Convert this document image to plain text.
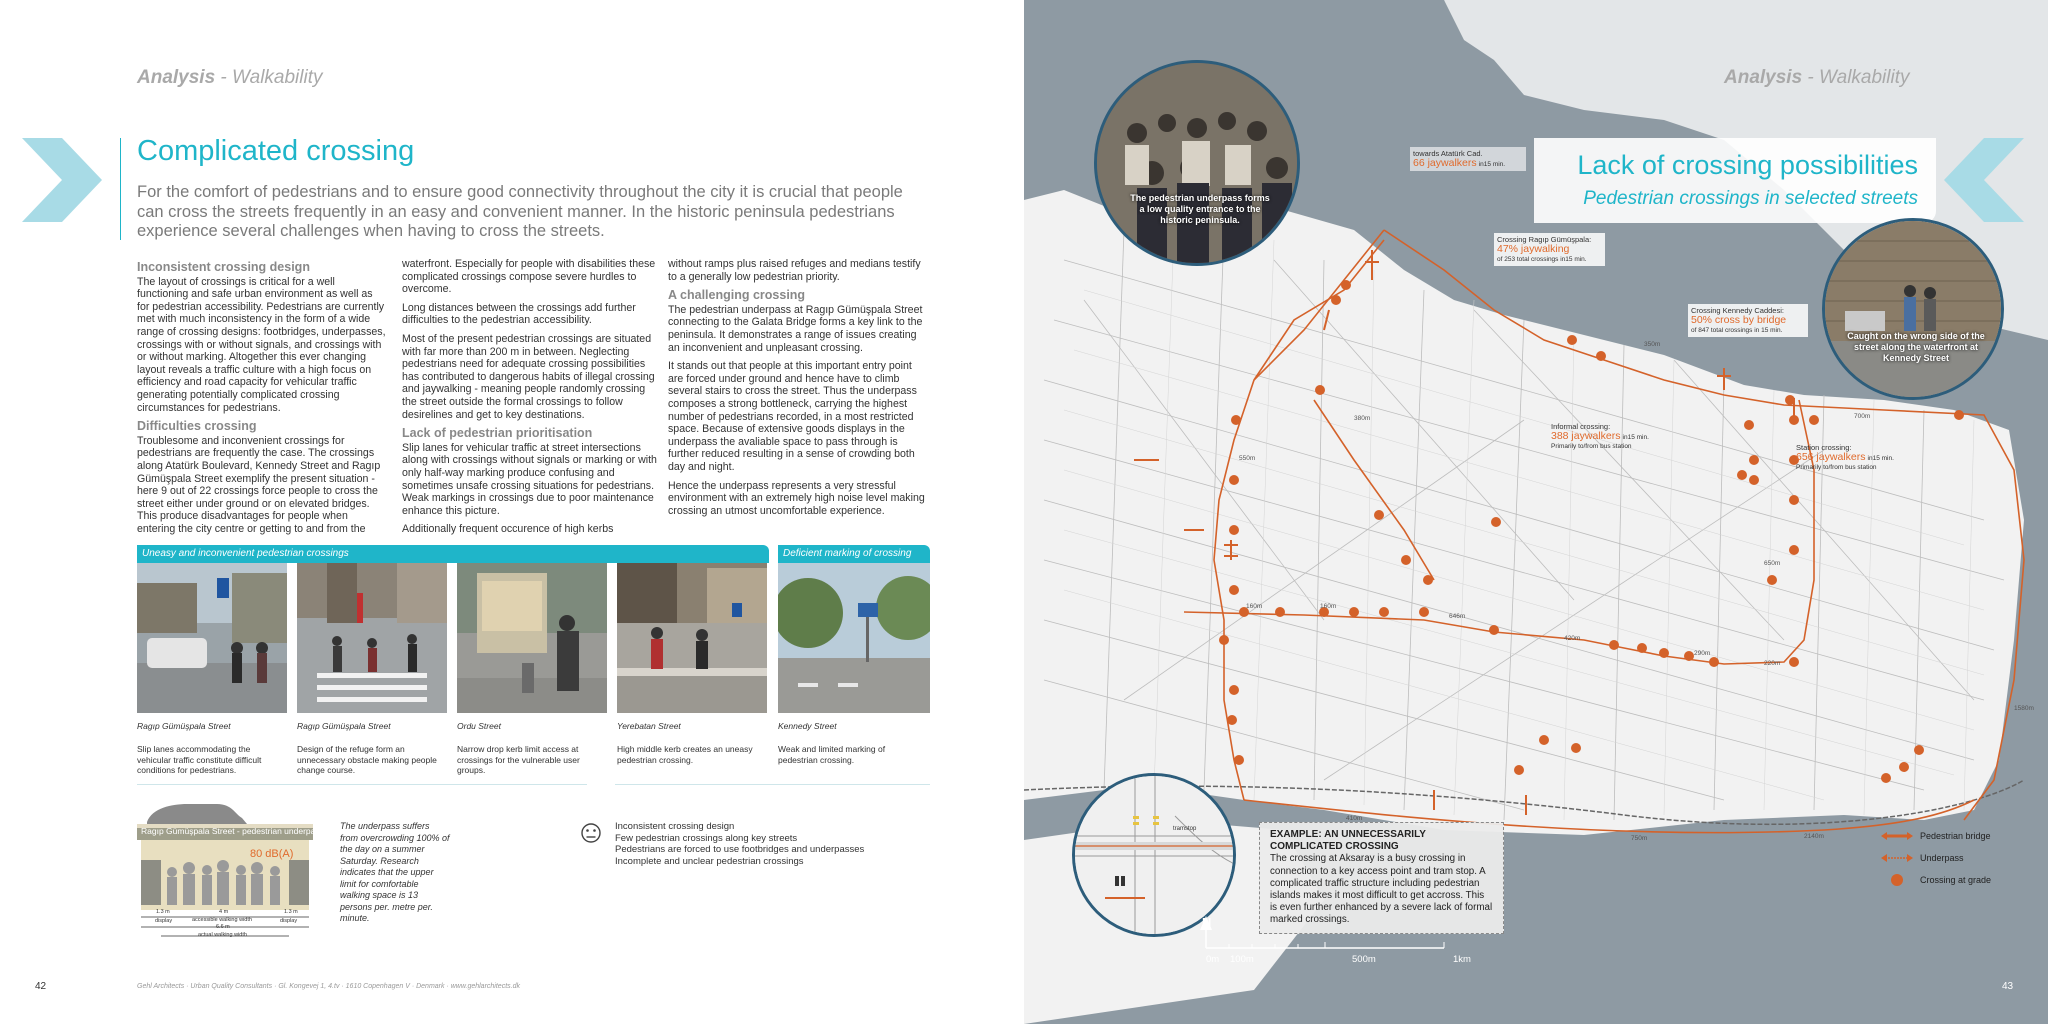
Analysis - Walkability
Complicated crossing
For the comfort of pedestrians and to ensure good connectivity throughout the city it is crucial that people can cross the streets frequently in an easy and convenient manner. In the historic peninsula pedestrians experience several challenges when having to cross the streets.
Inconsistent crossing design

The layout of crossings is critical for a well functioning and safe urban environment as well as for pedestrian accessibility. Pedestrians are currently met with much inconsistency in the form of a wide range of crossing designs: footbridges, underpasses, crossings with or without signals, and crossings with or without marking. Altogether this ever changing layout reveals a traffic culture with a high focus on efficiency and road capacity for vehicular traffic generating potentially complicated crossing circumstances for pedestrians.

Difficulties crossing

Troublesome and inconvenient crossings for pedestrians are frequently the case. The crossings along Atatürk Boulevard, Kennedy Street and Ragıp Gümüşpala Street exemplify the present situation - here 9 out of 22 crossings force people to cross the street either under ground or on elevated bridges. This produce disadvantages for people when entering the city centre or getting to and from the

waterfront. Especially for people with disabilities these complicated crossings compose severe hurdles to overcome.

Long distances between the crossings add further difficulties to the pedestrian accessibility.

Most of the present pedestrian crossings are situated with far more than 200 m in between. Neglecting pedestrians need for adequate crossing possibilities has contributed to dangerous habits of illegal crossing and jaywalking - meaning people randomly crossing the street outside the formal crossings to follow desirelines and get to key destinations.

Lack of pedestrian prioritisation

Slip lanes for vehicular traffic at street intersections along with crossings without signals or marking or with only half-way marking produce confusing and sometimes unsafe crossing situations for pedestrians. Weak markings in crossings due to poor maintenance enhance this picture.

Additionally frequent occurence of high kerbs

without ramps plus raised refuges and medians testify to a generally low pedestrian priority.

A challenging crossing

The pedestrian underpass at Ragıp Gümüşpala Street connecting to the Galata Bridge forms a key link to the peninsula. It demonstrates a range of issues creating an inconvenient and unpleasant crossing.

It stands out that people at this important entry point are forced under ground and hence have to climb several stairs to cross the street. Thus the underpass composes a strong bottleneck, carrying the highest number of pedestrians recorded, in a most restricted space. Because of extensive goods displays in the underpass the avaliable space to pass through is further reduced resulting in a sense of crowding both day and night.

Hence the underpass represents a very stressful environment with an extremely high noise level making crossing an utmost uncomfortable experience.

Uneasy and inconvenient pedestrian crossings	Deficient marking of crossing
Ragıp Gümüşpala Street	Ragıp Gümüşpala Street	Ordu Street	Yerebatan Street	Kennedy Street
Slip lanes accommodating the vehicular traffic constitute difficult conditions for pedestrians.
Design of the refuge form an unnecessary obstacle making people change course.
Narrow drop kerb limit access at crossings for the vulnerable user groups.
High middle kerb creates an uneasy pedestrian crossing.
Weak and limited marking of pedestrian crossing.
Ragıp Gümüşpala Street - pedestrian underpass
80 dB(A)
1.3 m	4 m	1.3 m
display	accessible walking width	display
6.6 m
actual walking width
The underpass suffers from overcrowding 100% of the day on a summer Saturday. Research indicates that the upper limit for comfortable walking space is 13 persons per. metre per. minute.
Inconsistent crossing design
Few pedestrian crossings along key streets
Pedestrians are forced to use footbridges and underpasses
Incomplete and unclear pedestrian crossings
42	Gehl Architects · Urban Quality Consultants · Gl. Kongevej 1, 4.tv · 1610 Copenhagen V · Denmark · www.gehlarchitects.dk
160m	160m
646m
420m
290m
220m
700m
350m
650m
410m
750m
1580m
380m
550m
2140m
Analysis - Walkability
Lack of crossing possibilities
Pedestrian crossings in selected streets
The pedestrian underpass forms a low quality entrance to the historic peninsula.
Caught on the wrong side of the street along the waterfront at Kennedy Street
towards Atatürk Cad.
66 jaywalkers in15 min.
Crossing Ragıp Gümüşpala:
47% jaywalking
of 253 total crossings in15 min.
Crossing Kennedy Caddesi:
50% cross by bridge
of 847 total crossings in 15 min.
Informal crossing:
388 jaywalkers in15 min.
Primarily to/from bus station	Station crossing:
656 jaywalkers in15 min.
Primarily to/from bus station
tramstop	EXAMPLE: AN UNNECESSARILY
COMPLICATED CROSSING
The crossing at Aksaray is a busy crossing in connection to a key access point and tram stop. A complicated traffic structure including pedestrian islands makes it most difficult to get accross. This is even further enhanced by a severe lack of formal marked crossings.
Pedestrian bridge
Underpass
Crossing at grade
N
0m 100m	500m	1km
43
